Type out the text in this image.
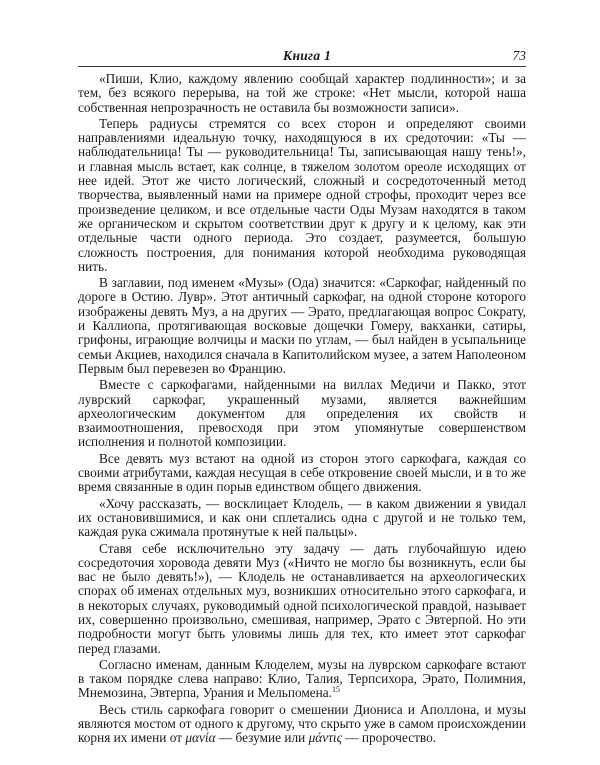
Книга 1	73

«Пиши, Клио, каждому явлению сообщай характер подлинности»; и за тем, без всякого перерыва, на той же строке: «Нет мысли, которой наша собственная непрозрачность не оставила бы возможности записи».

Теперь радиусы стремятся со всех сторон и определяют своими направлениями идеальную точку, находящуюся в их средоточии: «Ты — наблюдательница! Ты — руководительница! Ты, записывающая нашу тень!», и главная мысль встает, как солнце, в тяжелом золотом ореоле исходящих от нее идей. Этот же чисто логический, сложный и сосредоточенный метод творчества, выявленный нами на примере одной строфы, проходит через все произведение целиком, и все отдельные части Оды Музам находятся в таком же органическом и скрытом соответствии друг к другу и к целому, как эти отдельные части одного периода. Это создает, разумеется, большую сложность построения, для понимания которой необходима руководящая нить.

В заглавии, под именем «Музы» (Ода) значится: «Саркофаг, найденный по дороге в Остию. Лувр». Этот античный саркофаг, на одной стороне которого изображены девять Муз, а на других — Эрато, предлагающая вопрос Сократу, и Каллиопа, протягивающая восковые дощечки Гомеру, вакханки, сатиры, грифоны, играющие волчицы и маски по углам, — был найден в усыпальнице семьи Акциев, находился сначала в Капитолийском музее, а затем Наполеоном Первым был перевезен во Францию.

Вместе с саркофагами, найденными на виллах Медичи и Пакко, этот луврский саркофаг, украшенный музами, является важнейшим археологическим документом для определения их свойств и взаимоотношения, превосходя при этом упомянутые совершенством исполнения и полнотой композиции.

Все девять муз встают на одной из сторон этого саркофага, каждая со своими атрибутами, каждая несущая в себе откровение своей мысли, и в то же время связанные в один порыв единством общего движения.

«Хочу рассказать, — восклицает Клодель, — в каком движении я увидал их остановившимися, и как они сплетались одна с другой и не только тем, каждая рука сжимала протянутые к ней пальцы».

Ставя себе исключительно эту задачу — дать глубочайшую идею сосредоточия хоровода девяти Муз («Ничто не могло бы возникнуть, если бы вас не было девять!»), — Клодель не останавливается на археологических спорах об именах отдельных муз, возникших относительно этого саркофага, и в некоторых случаях, руководимый одной психологической правдой, называет их, совершенно произвольно, смешивая, например, Эрато с Эвтерпой. Но эти подробности могут быть уловимы лишь для тех, кто имеет этот саркофаг перед глазами.

Согласно именам, данным Клоделем, музы на луврском саркофаге встают в таком порядке слева направо: Клио, Талия, Терпсихора, Эрато, Полимния, Мнемозина, Эвтерпа, Урания и Мельпомена.$^{15}$

Весь стиль саркофага говорит о смешении Диониса и Аполлона, и музы являются мостом от одного к другому, что скрыто уже в самом происхождении корня их имени от μανία — безумие или μάντις — пророчество.
